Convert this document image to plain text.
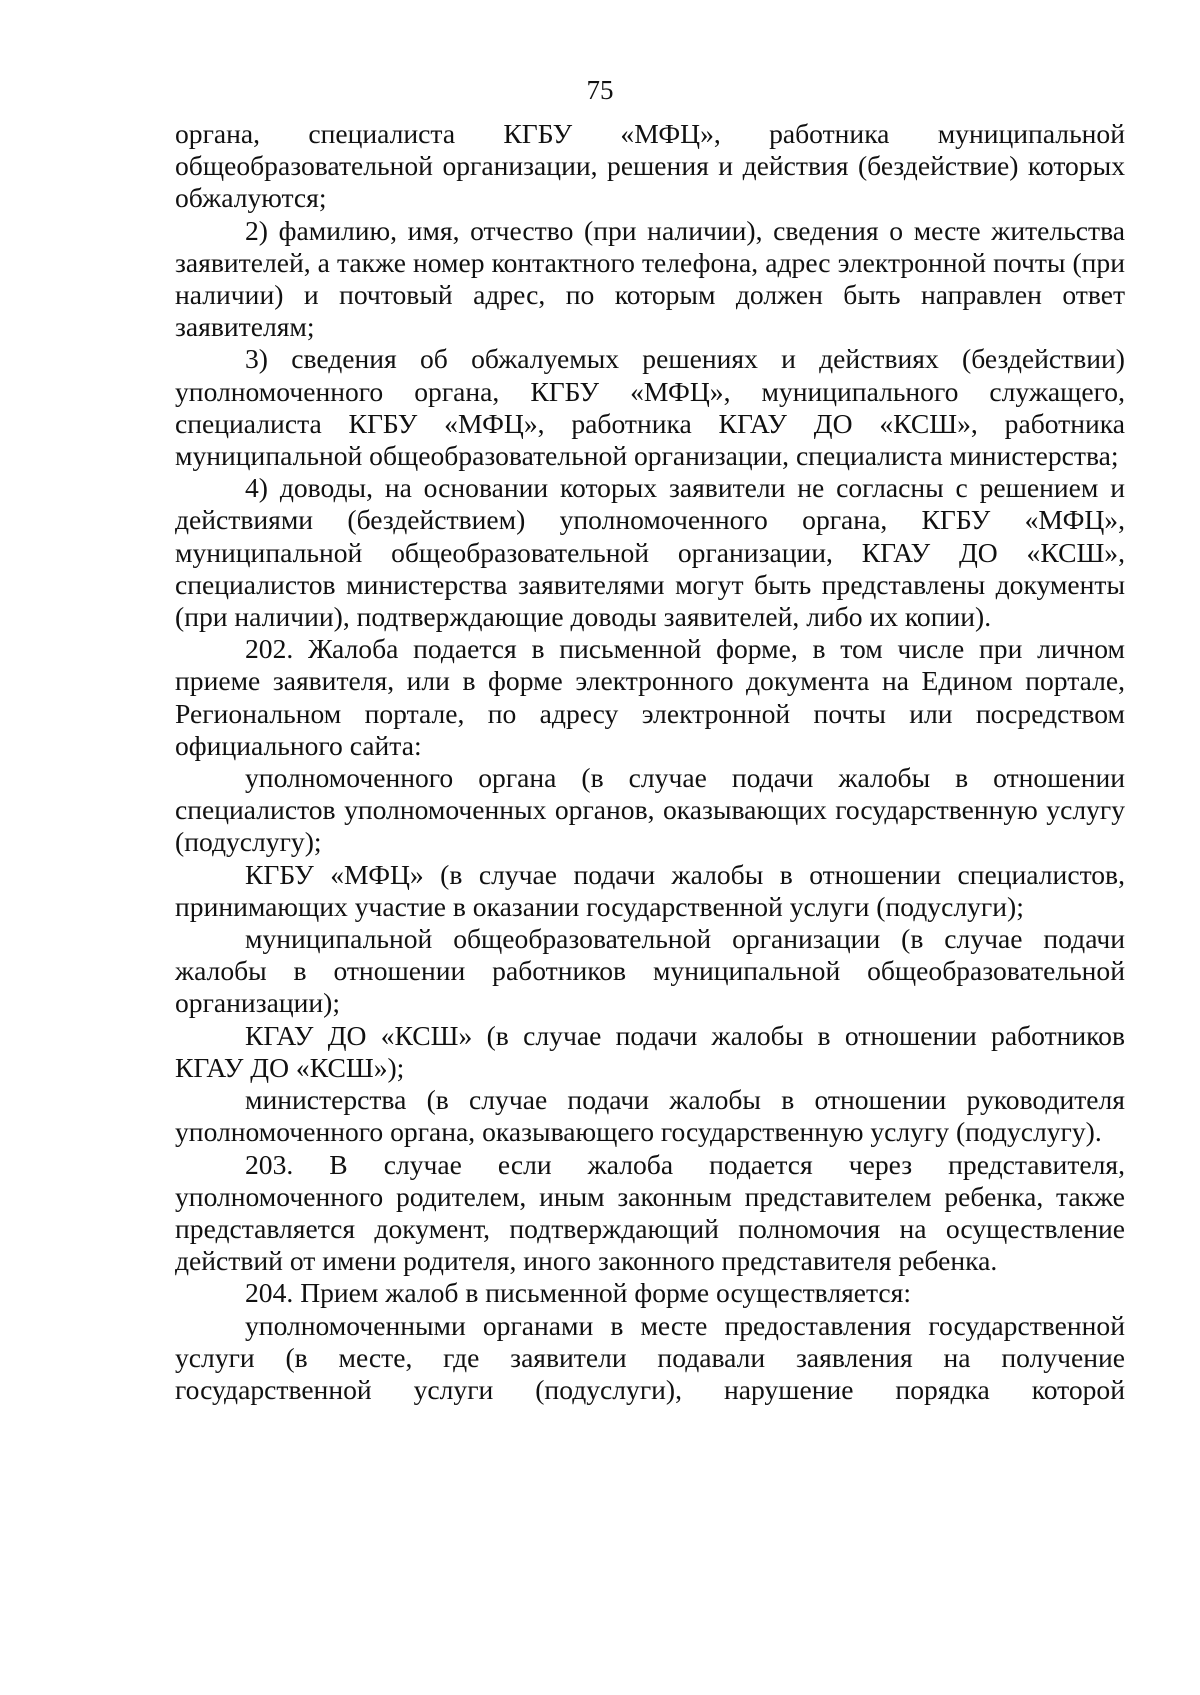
75

органа, специалиста КГБУ «МФЦ», работника муниципальной общеобразовательной организации, решения и действия (бездействие) которых обжалуются;

2) фамилию, имя, отчество (при наличии), сведения о месте жительства заявителей, а также номер контактного телефона, адрес электронной почты (при наличии) и почтовый адрес, по которым должен быть направлен ответ заявителям;

3) сведения об обжалуемых решениях и действиях (бездействии) уполномоченного органа, КГБУ «МФЦ», муниципального служащего, специалиста КГБУ «МФЦ», работника КГАУ ДО «КСШ», работника муниципальной общеобразовательной организации, специалиста министерства;

4) доводы, на основании которых заявители не согласны с решением и действиями (бездействием) уполномоченного органа, КГБУ «МФЦ», муниципальной общеобразовательной организации, КГАУ ДО «КСШ», специалистов министерства заявителями могут быть представлены документы (при наличии), подтверждающие доводы заявителей, либо их копии).

202. Жалоба подается в письменной форме, в том числе при личном приеме заявителя, или в форме электронного документа на Едином портале, Региональном портале, по адресу электронной почты или посредством официального сайта:

уполномоченного органа (в случае подачи жалобы в отношении специалистов уполномоченных органов, оказывающих государственную услугу (подуслугу);

КГБУ «МФЦ» (в случае подачи жалобы в отношении специалистов, принимающих участие в оказании государственной услуги (подуслуги);

муниципальной общеобразовательной организации (в случае подачи жалобы в отношении работников муниципальной общеобразовательной организации);

КГАУ ДО «КСШ» (в случае подачи жалобы в отношении работников КГАУ ДО «КСШ»);

министерства (в случае подачи жалобы в отношении руководителя уполномоченного органа, оказывающего государственную услугу (подуслугу).

203. В случае если жалоба подается через представителя, уполномоченного родителем, иным законным представителем ребенка, также представляется документ, подтверждающий полномочия на осуществление действий от имени родителя, иного законного представителя ребенка.

204. Прием жалоб в письменной форме осуществляется:

уполномоченными органами в месте предоставления государственной услуги (в месте, где заявители подавали заявления на получение государственной услуги (подуслуги), нарушение порядка которой
